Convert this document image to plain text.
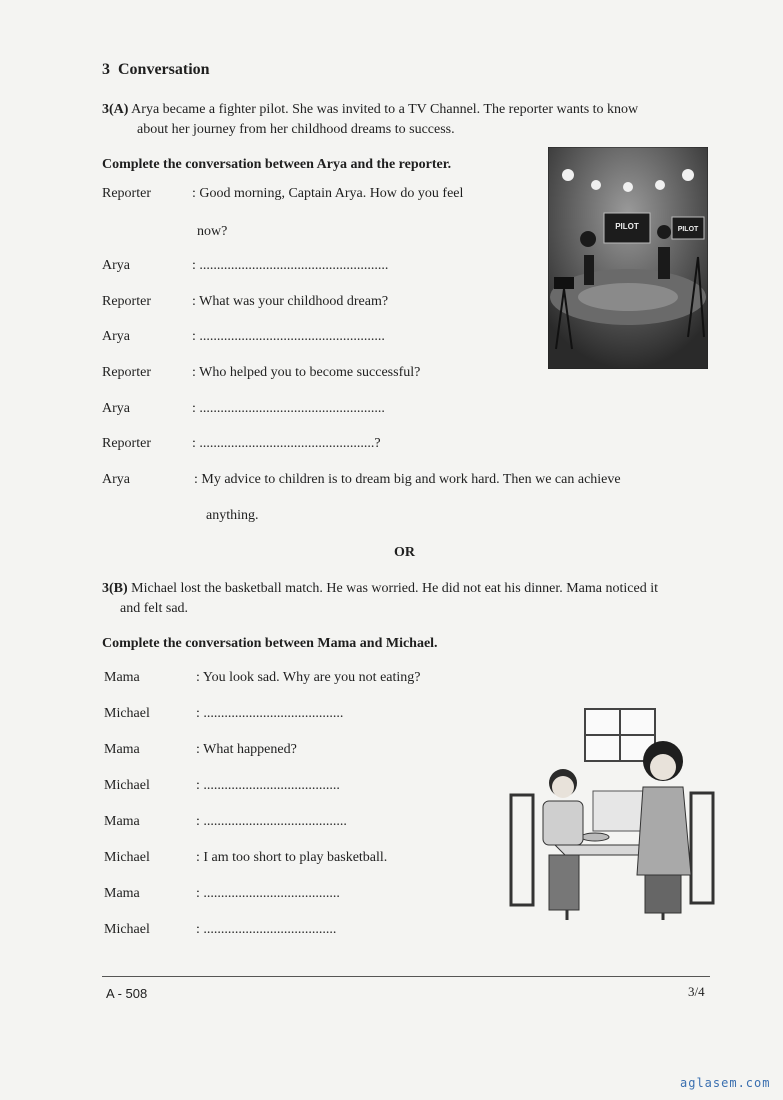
3 Conversation
3(A) Arya became a fighter pilot. She was invited to a TV Channel. The reporter wants to know
about her journey from her childhood dreams to success.
Complete the conversation between Arya and the reporter.
Reporter	: Good morning, Captain Arya. How do you feel
now?
Arya	: ......................................................
Reporter	: What was your childhood dream?
Arya	: .....................................................
Reporter	: Who helped you to become successful?
Arya	: .....................................................
Reporter	: ..................................................?
Arya	: My advice to children is to dream big and work hard. Then we can achieve
anything.
PILOT	PILOT
OR
3(B) Michael lost the basketball match. He was worried. He did not eat his dinner. Mama noticed it
and felt sad.
Complete the conversation between Mama and Michael.
Mama	: You look sad. Why are you not eating?
Michael	: ........................................
Mama	: What happened?
Michael	: .......................................
Mama	: .........................................
Michael	: I am too short to play basketball.
Mama	: .......................................
Michael	: ......................................
A - 508	3/4
aglasem.com
